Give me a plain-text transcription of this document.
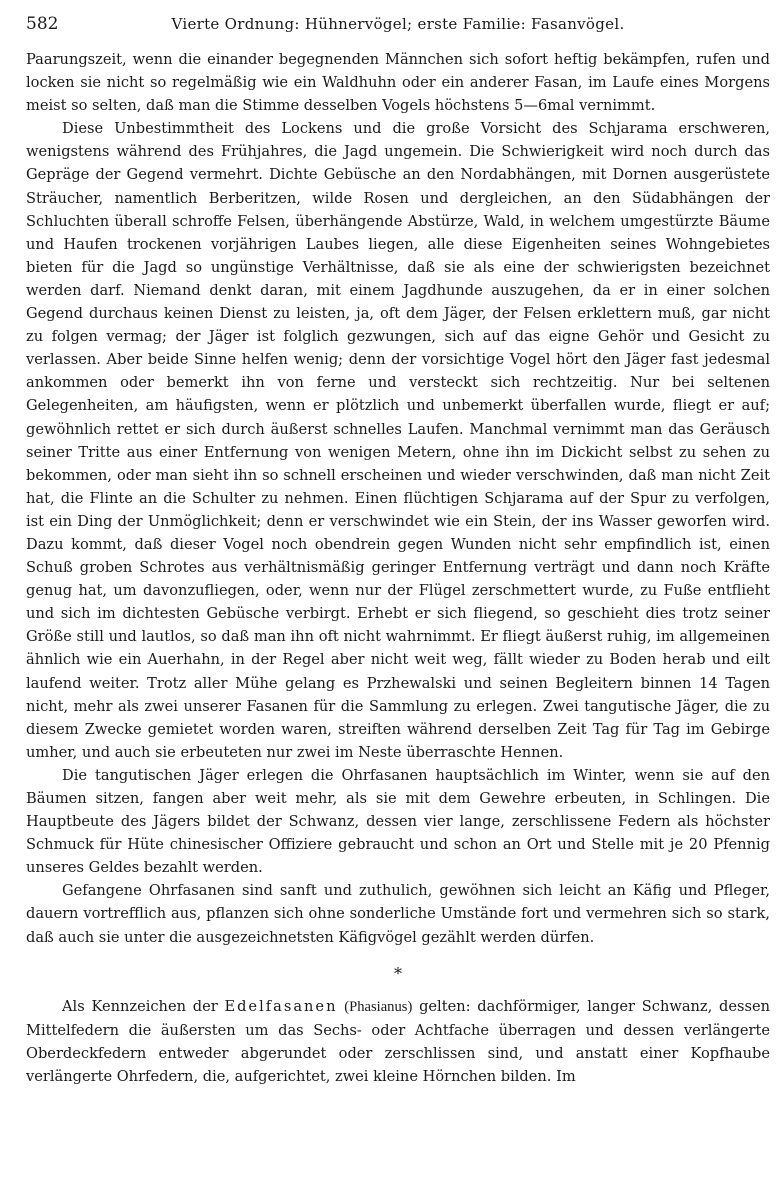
582	Vierte Ordnung: Hühnervögel; erste Familie: Fasanvögel.

Paarungszeit, wenn die einander begegnenden Männchen sich sofort heftig bekämpfen, rufen und locken sie nicht so regelmäßig wie ein Waldhuhn oder ein anderer Fasan, im Laufe eines Morgens meist so selten, daß man die Stimme desselben Vogels höchstens 5—6mal vernimmt.

Diese Unbestimmtheit des Lockens und die große Vorsicht des Schjarama erschweren, wenigstens während des Frühjahres, die Jagd ungemein. Die Schwierigkeit wird noch durch das Gepräge der Gegend vermehrt. Dichte Gebüsche an den Nordabhängen, mit Dornen ausgerüstete Sträucher, namentlich Berberitzen, wilde Rosen und dergleichen, an den Südabhängen der Schluchten überall schroffe Felsen, überhängende Abstürze, Wald, in welchem umgestürzte Bäume und Haufen trockenen vorjährigen Laubes liegen, alle diese Eigenheiten seines Wohngebietes bieten für die Jagd so ungünstige Verhältnisse, daß sie als eine der schwierigsten bezeichnet werden darf. Niemand denkt daran, mit einem Jagdhunde auszugehen, da er in einer solchen Gegend durchaus keinen Dienst zu leisten, ja, oft dem Jäger, der Felsen erklettern muß, gar nicht zu folgen vermag; der Jäger ist folglich gezwungen, sich auf das eigne Gehör und Gesicht zu verlassen. Aber beide Sinne helfen wenig; denn der vorsichtige Vogel hört den Jäger fast jedesmal ankommen oder bemerkt ihn von ferne und versteckt sich rechtzeitig. Nur bei seltenen Gelegenheiten, am häufigsten, wenn er plötzlich und unbemerkt überfallen wurde, fliegt er auf; gewöhnlich rettet er sich durch äußerst schnelles Laufen. Manchmal vernimmt man das Geräusch seiner Tritte aus einer Entfernung von wenigen Metern, ohne ihn im Dickicht selbst zu sehen zu bekommen, oder man sieht ihn so schnell erscheinen und wieder verschwinden, daß man nicht Zeit hat, die Flinte an die Schulter zu nehmen. Einen flüchtigen Schjarama auf der Spur zu verfolgen, ist ein Ding der Unmöglichkeit; denn er verschwindet wie ein Stein, der ins Wasser geworfen wird. Dazu kommt, daß dieser Vogel noch obendrein gegen Wunden nicht sehr empfindlich ist, einen Schuß groben Schrotes aus verhältnismäßig geringer Entfernung verträgt und dann noch Kräfte genug hat, um davonzufliegen, oder, wenn nur der Flügel zerschmettert wurde, zu Fuße entflieht und sich im dichtesten Gebüsche verbirgt. Erhebt er sich fliegend, so geschieht dies trotz seiner Größe still und lautlos, so daß man ihn oft nicht wahrnimmt. Er fliegt äußerst ruhig, im allgemeinen ähnlich wie ein Auerhahn, in der Regel aber nicht weit weg, fällt wieder zu Boden herab und eilt laufend weiter. Trotz aller Mühe gelang es Przhewalski und seinen Begleitern binnen 14 Tagen nicht, mehr als zwei unserer Fasanen für die Sammlung zu erlegen. Zwei tangutische Jäger, die zu diesem Zwecke gemietet worden waren, streiften während derselben Zeit Tag für Tag im Gebirge umher, und auch sie erbeuteten nur zwei im Neste überraschte Hennen.

Die tangutischen Jäger erlegen die Ohrfasanen hauptsächlich im Winter, wenn sie auf den Bäumen sitzen, fangen aber weit mehr, als sie mit dem Gewehre erbeuten, in Schlingen. Die Hauptbeute des Jägers bildet der Schwanz, dessen vier lange, zerschlissene Federn als höchster Schmuck für Hüte chinesischer Offiziere gebraucht und schon an Ort und Stelle mit je 20 Pfennig unseres Geldes bezahlt werden.

Gefangene Ohrfasanen sind sanft und zuthulich, gewöhnen sich leicht an Käfig und Pfleger, dauern vortrefflich aus, pflanzen sich ohne sonderliche Umstände fort und vermehren sich so stark, daß auch sie unter die ausgezeichnetsten Käfigvögel gezählt werden dürfen.

*

Als Kennzeichen der Edelfasanen (Phasianus) gelten: dachförmiger, langer Schwanz, dessen Mittelfedern die äußersten um das Sechs- oder Achtfache überragen und dessen verlängerte Oberdeckfedern entweder abgerundet oder zerschlissen sind, und anstatt einer Kopfhaube verlängerte Ohrfedern, die, aufgerichtet, zwei kleine Hörnchen bilden. Im
